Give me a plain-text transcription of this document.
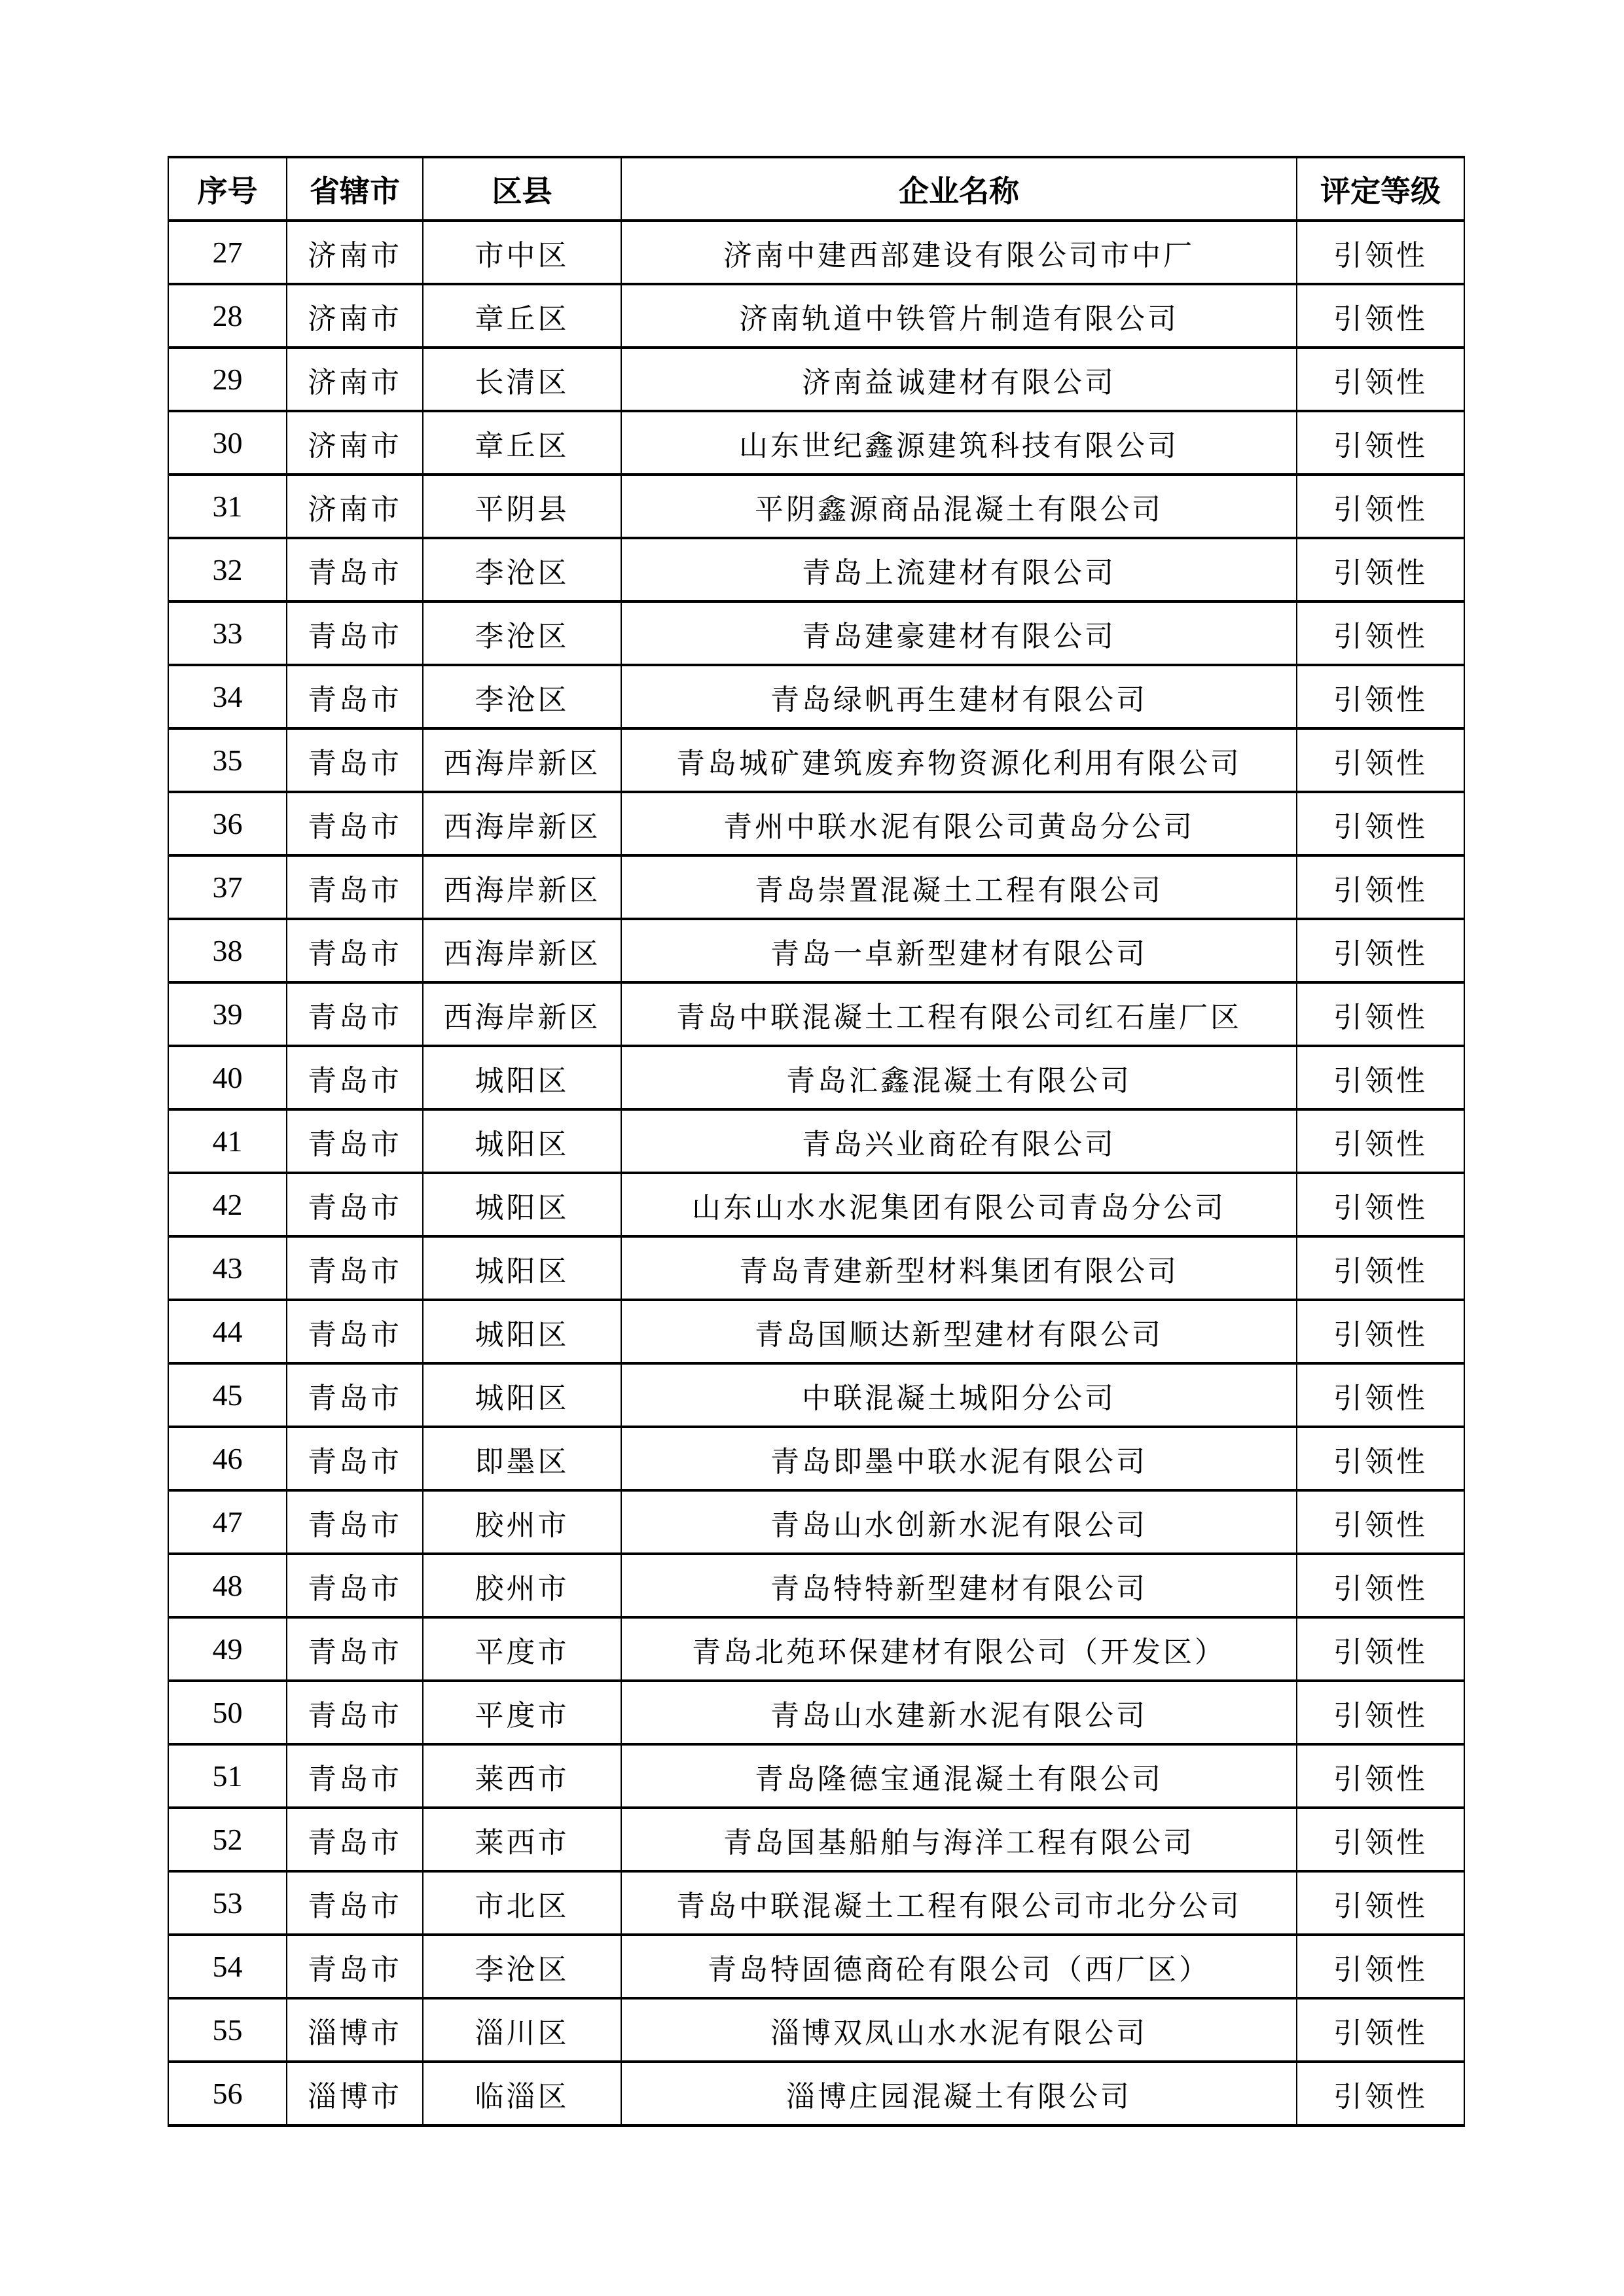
序号	省辖市	区县	企业名称	评定等级
27	济南市	市中区	济南中建西部建设有限公司市中厂	引领性
28	济南市	章丘区	济南轨道中铁管片制造有限公司	引领性
29	济南市	长清区	济南益诚建材有限公司	引领性
30	济南市	章丘区	山东世纪鑫源建筑科技有限公司	引领性
31	济南市	平阴县	平阴鑫源商品混凝土有限公司	引领性
32	青岛市	李沧区	青岛上流建材有限公司	引领性
33	青岛市	李沧区	青岛建豪建材有限公司	引领性
34	青岛市	李沧区	青岛绿帆再生建材有限公司	引领性
35	青岛市	西海岸新区	青岛城矿建筑废弃物资源化利用有限公司	引领性
36	青岛市	西海岸新区	青州中联水泥有限公司黄岛分公司	引领性
37	青岛市	西海岸新区	青岛崇置混凝土工程有限公司	引领性
38	青岛市	西海岸新区	青岛一卓新型建材有限公司	引领性
39	青岛市	西海岸新区	青岛中联混凝土工程有限公司红石崖厂区	引领性
40	青岛市	城阳区	青岛汇鑫混凝土有限公司	引领性
41	青岛市	城阳区	青岛兴业商砼有限公司	引领性
42	青岛市	城阳区	山东山水水泥集团有限公司青岛分公司	引领性
43	青岛市	城阳区	青岛青建新型材料集团有限公司	引领性
44	青岛市	城阳区	青岛国顺达新型建材有限公司	引领性
45	青岛市	城阳区	中联混凝土城阳分公司	引领性
46	青岛市	即墨区	青岛即墨中联水泥有限公司	引领性
47	青岛市	胶州市	青岛山水创新水泥有限公司	引领性
48	青岛市	胶州市	青岛特特新型建材有限公司	引领性
49	青岛市	平度市	青岛北苑环保建材有限公司（开发区）	引领性
50	青岛市	平度市	青岛山水建新水泥有限公司	引领性
51	青岛市	莱西市	青岛隆德宝通混凝土有限公司	引领性
52	青岛市	莱西市	青岛国基船舶与海洋工程有限公司	引领性
53	青岛市	市北区	青岛中联混凝土工程有限公司市北分公司	引领性
54	青岛市	李沧区	青岛特固德商砼有限公司（西厂区）	引领性
55	淄博市	淄川区	淄博双凤山水水泥有限公司	引领性
56	淄博市	临淄区	淄博庄园混凝土有限公司	引领性
